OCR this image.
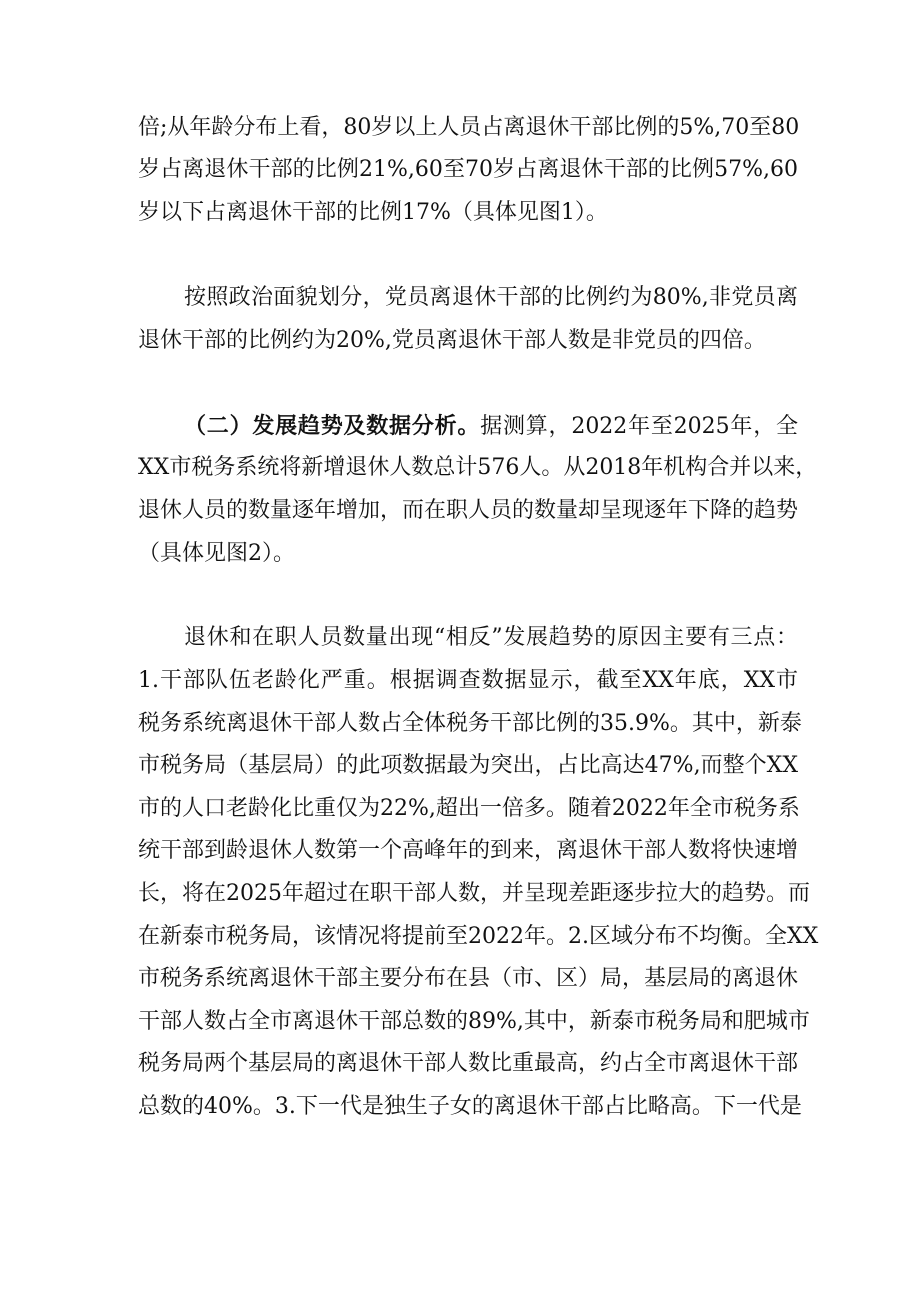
倍;从年龄分布上看，80岁以上人员占离退休干部比例的5%,70至80
岁占离退休干部的比例21%,60至70岁占离退休干部的比例57%,60
岁以下占离退休干部的比例17%（具体见图1）。
按照政治面貌划分，党员离退休干部的比例约为80%,非党员离
退休干部的比例约为20%,党员离退休干部人数是非党员的四倍。
（二）发展趋势及数据分析。据测算，2022年至2025年，全
XX市税务系统将新增退休人数总计576人。从2018年机构合并以来，
退休人员的数量逐年增加，而在职人员的数量却呈现逐年下降的趋势
（具体见图2）。
退休和在职人员数量出现“相反”发展趋势的原因主要有三点：
1.干部队伍老龄化严重。根据调查数据显示，截至XX年底，XX市
税务系统离退休干部人数占全体税务干部比例的35.9%。其中，新泰
市税务局（基层局）的此项数据最为突出，占比高达47%,而整个XX
市的人口老龄化比重仅为22%,超出一倍多。随着2022年全市税务系
统干部到龄退休人数第一个高峰年的到来，离退休干部人数将快速增
长，将在2025年超过在职干部人数，并呈现差距逐步拉大的趋势。而
在新泰市税务局，该情况将提前至2022年。2.区域分布不均衡。全XX
市税务系统离退休干部主要分布在县（市、区）局，基层局的离退休
干部人数占全市离退休干部总数的89%,其中，新泰市税务局和肥城市
税务局两个基层局的离退休干部人数比重最高，约占全市离退休干部
总数的40%。3.下一代是独生子女的离退休干部占比略高。下一代是
